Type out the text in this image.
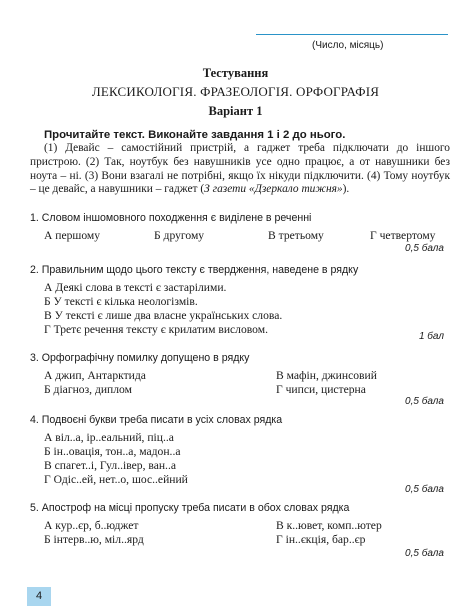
(Число, місяць)
Тестування
ЛЕКСИКОЛОГІЯ. ФРАЗЕОЛОГІЯ. ОРФОГРАФІЯ
Варіант 1
Прочитайте текст. Виконайте завдання 1 і 2 до нього.

(1) Девайс – самостійний пристрій, а гаджет треба підключати до іншого пристрою. (2) Так, ноутбук без навушників усе одно працює, а от навушники без ноута – ні. (3) Вони взагалі не потрібні, якщо їх нікуди підключити. (4) Тому ноутбук – це девайс, а навушники – гаджет (З газети «Дзеркало тижня»).

1. Словом іншомовного походження є виділене в реченні
А першому	Б другому	В третьому	Г четвертому
0,5 бала
2. Правильним щодо цього тексту є твердження, наведене в рядку
А Деякі слова в тексті є застарілими.
Б У тексті є кілька неологізмів.
В У тексті є лише два власне українських слова.
Г Третє речення тексту є крилатим висловом.
1 бал
3. Орфографічну помилку допущено в рядку
А джип, Антарктида
Б діагноз, диплом
В мафін, джинсовий
Г чипси, цистерна
0,5 бала
4. Подвоєні букви треба писати в усіх словах рядка
А віл..а, ір..еальний, піц..а
Б ін..овація, тон..а, мадон..а
В спагет..і, Гул..івер, ван..а
Г Одіс..ей, нет..о, шос..ейний
0,5 бала
5. Апостроф на місці пропуску треба писати в обох словах рядка
А кур..єр, б..юджет
Б інтерв..ю, міл..ярд
В к..ювет, комп..ютер
Г ін..єкція, бар..єр
0,5 бала
4
